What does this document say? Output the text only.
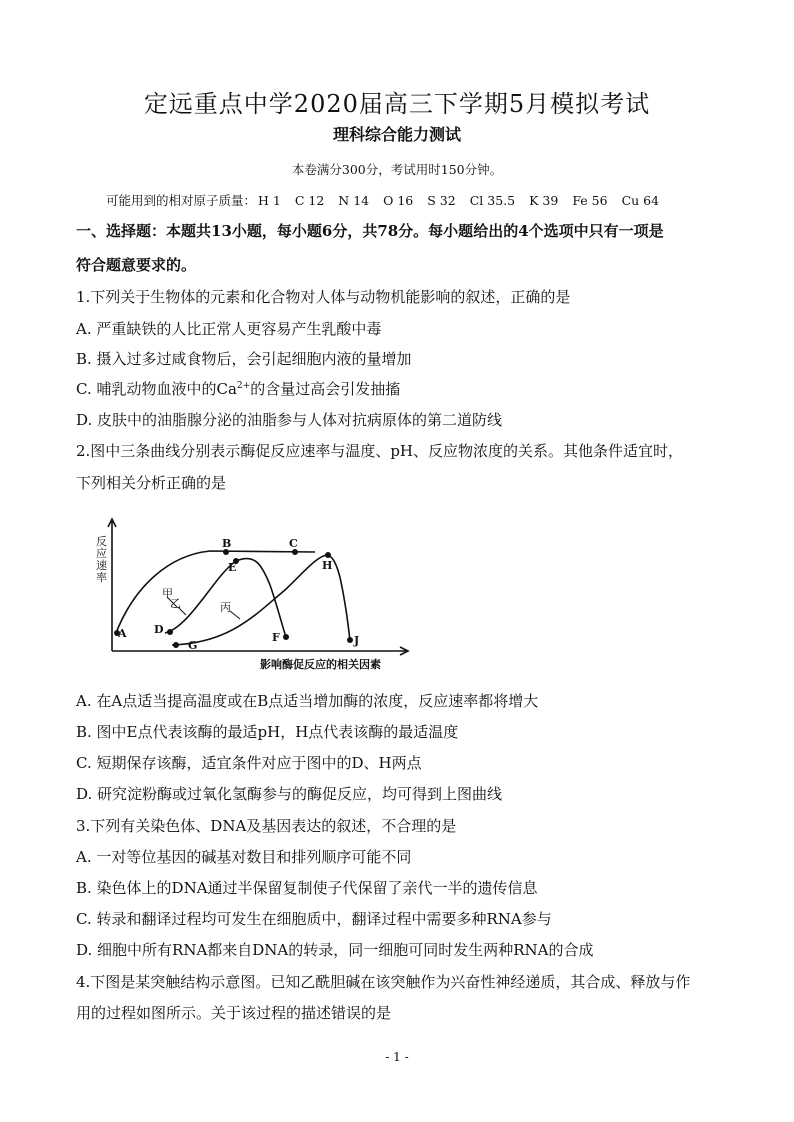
定远重点中学2020届高三下学期5月模拟考试
理科综合能力测试
本卷满分300分，考试用时150分钟。
可能用到的相对原子质量： H 1 C 12 N 14 O 16 S 32 Cl 35.5 K 39 Fe 56 Cu 64
一、选择题：本题共13小题，每小题6分，共78分。每小题给出的4个选项中只有一项是
符合题意要求的。
1.下列关于生物体的元素和化合物对人体与动物机能影响的叙述，正确的是
A. 严重缺铁的人比正常人更容易产生乳酸中毒
B. 摄入过多过咸食物后，会引起细胞内液的量增加
C. 哺乳动物血液中的$Ca^{2+}$的含量过高会引发抽搐
D. 皮肤中的油脂腺分泌的油脂参与人体对抗病原体的第二道防线
2.图中三条曲线分别表示酶促反应速率与温度、pH、反应物浓度的关系。其他条件适宜时，
下列相关分析正确的是
反应速率
影响酶促反应的相关因素
甲
乙	丙
A
B	C
D
E
F
G
H
J
A. 在A点适当提高温度或在B点适当增加酶的浓度，反应速率都将增大
B. 图中E点代表该酶的最适pH，H点代表该酶的最适温度
C. 短期保存该酶，适宜条件对应于图中的D、H两点
D. 研究淀粉酶或过氧化氢酶参与的酶促反应，均可得到上图曲线
3.下列有关染色体、DNA及基因表达的叙述，不合理的是
A. 一对等位基因的碱基对数目和排列顺序可能不同
B. 染色体上的DNA通过半保留复制使子代保留了亲代一半的遗传信息
C. 转录和翻译过程均可发生在细胞质中，翻译过程中需要多种RNA参与
D. 细胞中所有RNA都来自DNA的转录，同一细胞可同时发生两种RNA的合成
4.下图是某突触结构示意图。已知乙酰胆碱在该突触作为兴奋性神经递质，其合成、释放与作
用的过程如图所示。关于该过程的描述错误的是
- 1 -
